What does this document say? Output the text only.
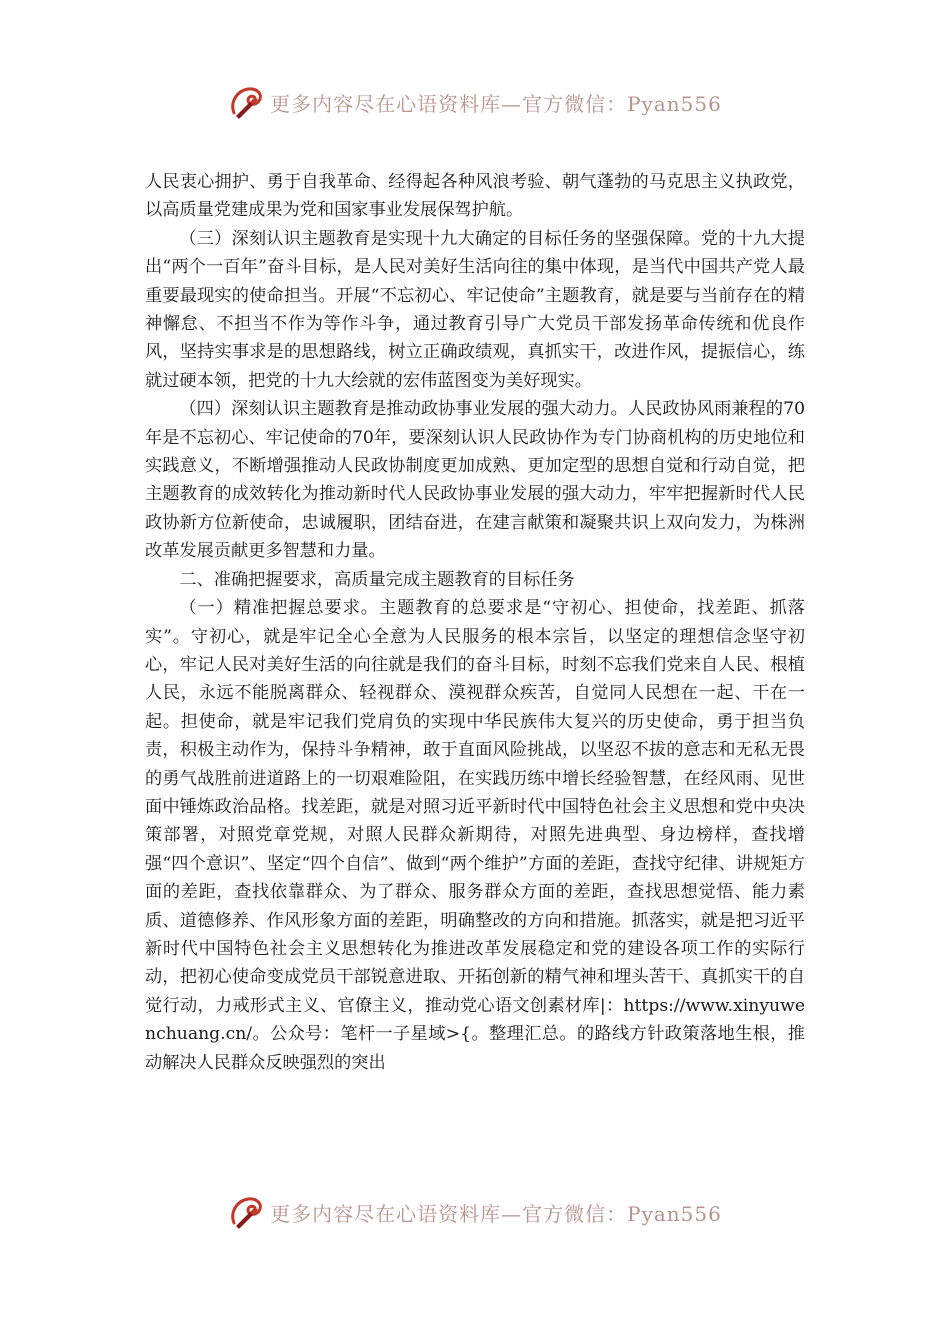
更多内容尽在心语资料库—官方微信：Pyan556

人民衷心拥护、勇于自我革命、经得起各种风浪考验、朝气蓬勃的马克思主义执政党，以高质量党建成果为党和国家事业发展保驾护航。

（三）深刻认识主题教育是实现十九大确定的目标任务的坚强保障。党的十九大提出“两个一百年”奋斗目标，是人民对美好生活向往的集中体现，是当代中国共产党人最重要最现实的使命担当。开展“不忘初心、牢记使命”主题教育，就是要与当前存在的精神懈怠、不担当不作为等作斗争，通过教育引导广大党员干部发扬革命传统和优良作风，坚持实事求是的思想路线，树立正确政绩观，真抓实干，改进作风，提振信心，练就过硬本领，把党的十九大绘就的宏伟蓝图变为美好现实。

（四）深刻认识主题教育是推动政协事业发展的强大动力。人民政协风雨兼程的70年是不忘初心、牢记使命的70年，要深刻认识人民政协作为专门协商机构的历史地位和实践意义，不断增强推动人民政协制度更加成熟、更加定型的思想自觉和行动自觉，把主题教育的成效转化为推动新时代人民政协事业发展的强大动力，牢牢把握新时代人民政协新方位新使命，忠诚履职，团结奋进，在建言献策和凝聚共识上双向发力，为株洲改革发展贡献更多智慧和力量。

二、准确把握要求，高质量完成主题教育的目标任务

（一）精准把握总要求。主题教育的总要求是“守初心、担使命，找差距、抓落实”。守初心，就是牢记全心全意为人民服务的根本宗旨，以坚定的理想信念坚守初心，牢记人民对美好生活的向往就是我们的奋斗目标，时刻不忘我们党来自人民、根植人民，永远不能脱离群众、轻视群众、漠视群众疾苦，自觉同人民想在一起、干在一起。担使命，就是牢记我们党肩负的实现中华民族伟大复兴的历史使命，勇于担当负责，积极主动作为，保持斗争精神，敢于直面风险挑战，以坚忍不拔的意志和无私无畏的勇气战胜前进道路上的一切艰难险阻，在实践历练中增长经验智慧，在经风雨、见世面中锤炼政治品格。找差距，就是对照习近平新时代中国特色社会主义思想和党中央决策部署，对照党章党规，对照人民群众新期待，对照先进典型、身边榜样，查找增强“四个意识”、坚定“四个自信”、做到“两个维护”方面的差距，查找守纪律、讲规矩方面的差距，查找依靠群众、为了群众、服务群众方面的差距，查找思想觉悟、能力素质、道德修养、作风形象方面的差距，明确整改的方向和措施。抓落实，就是把习近平新时代中国特色社会主义思想转化为推进改革发展稳定和党的建设各项工作的实际行动，把初心使命变成党员干部锐意进取、开拓创新的精气神和埋头苦干、真抓实干的自觉行动，力戒形式主义、官僚主义，推动党心语文创素材库|：https://www.xinyuwenchuang.cn/。公众号：笔杆一子星域>{。整理汇总。的路线方针政策落地生根，推动解决人民群众反映强烈的突出

更多内容尽在心语资料库—官方微信：Pyan556
